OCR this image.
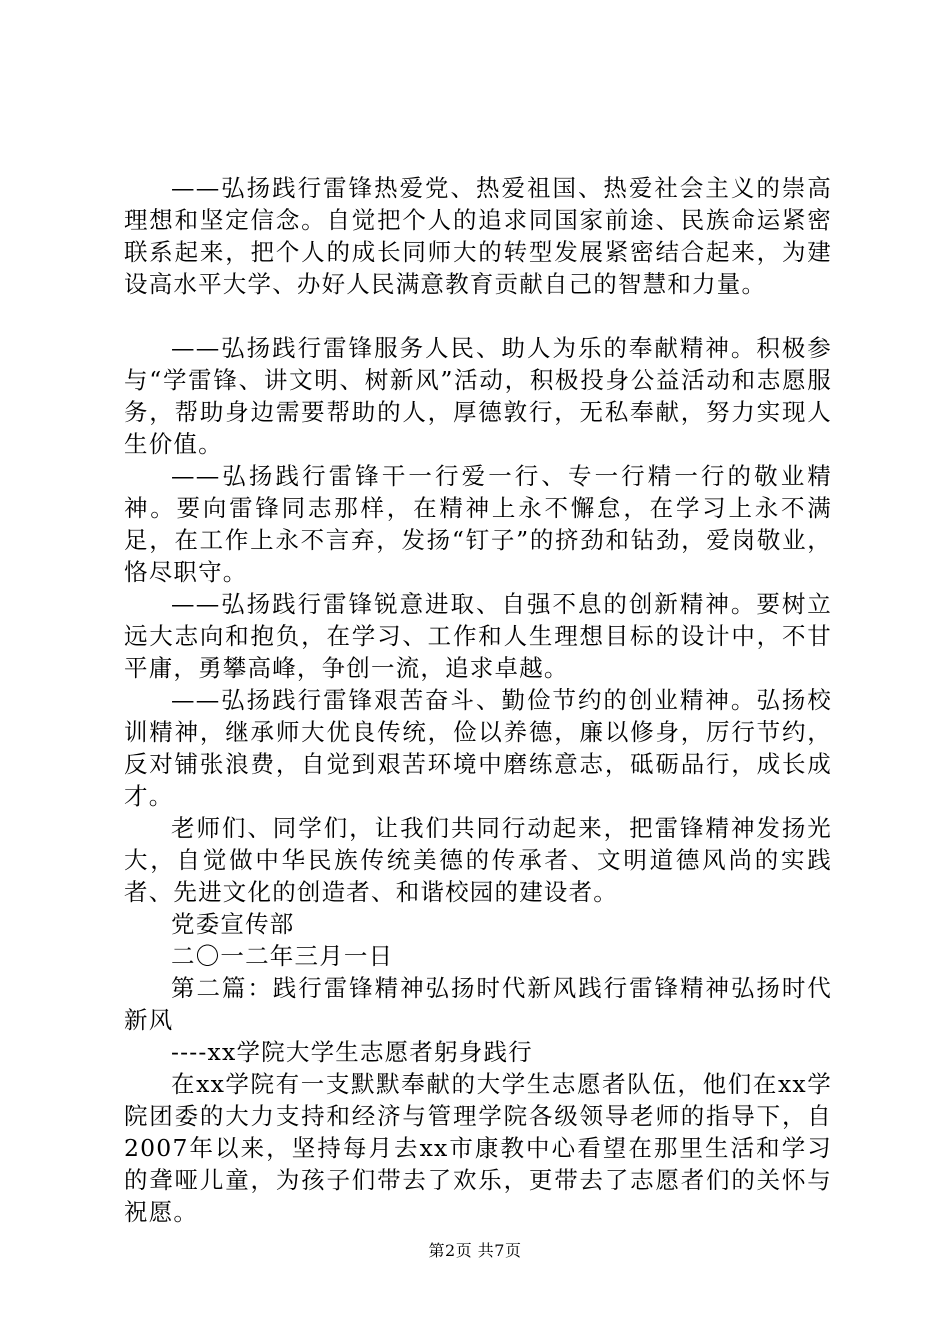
——弘扬践行雷锋热爱党、热爱祖国、热爱社会主义的崇高理想和坚定信念。自觉把个人的追求同国家前途、民族命运紧密联系起来，把个人的成长同师大的转型发展紧密结合起来，为建设高水平大学、办好人民满意教育贡献自己的智慧和力量。

——弘扬践行雷锋服务人民、助人为乐的奉献精神。积极参与“学雷锋、讲文明、树新风”活动，积极投身公益活动和志愿服务，帮助身边需要帮助的人，厚德敦行，无私奉献，努力实现人生价值。

——弘扬践行雷锋干一行爱一行、专一行精一行的敬业精神。要向雷锋同志那样，在精神上永不懈怠，在学习上永不满足，在工作上永不言弃，发扬“钉子”的挤劲和钻劲，爱岗敬业，恪尽职守。

——弘扬践行雷锋锐意进取、自强不息的创新精神。要树立远大志向和抱负，在学习、工作和人生理想目标的设计中，不甘平庸，勇攀高峰，争创一流，追求卓越。

——弘扬践行雷锋艰苦奋斗、勤俭节约的创业精神。弘扬校训精神，继承师大优良传统，俭以养德，廉以修身，厉行节约，反对铺张浪费，自觉到艰苦环境中磨练意志，砥砺品行，成长成才。

老师们、同学们，让我们共同行动起来，把雷锋精神发扬光大，自觉做中华民族传统美德的传承者、文明道德风尚的实践者、先进文化的创造者、和谐校园的建设者。

党委宣传部

二〇一二年三月一日

第二篇：践行雷锋精神弘扬时代新风践行雷锋精神弘扬时代新风

----xx学院大学生志愿者躬身践行

在xx学院有一支默默奉献的大学生志愿者队伍，他们在xx学院团委的大力支持和经济与管理学院各级领导老师的指导下，自2007年以来，坚持每月去xx市康教中心看望在那里生活和学习的聋哑儿童，为孩子们带去了欢乐，更带去了志愿者们的关怀与祝愿。

第2页 共7页
